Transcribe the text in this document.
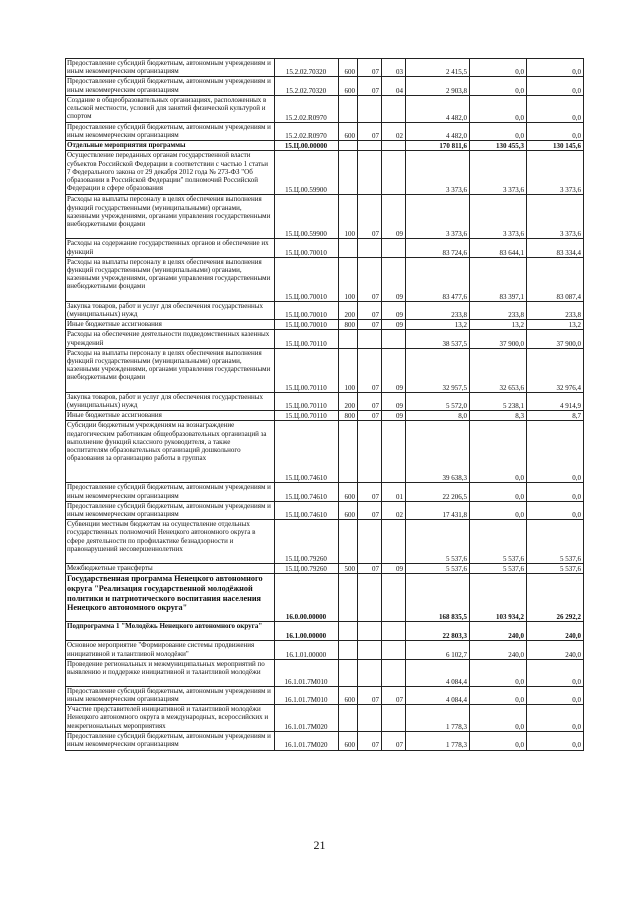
Предоставление субсидий бюджетным, автономным учреждениям и иным некоммерческим организациям	15.2.02.70320	600	07	03	2 415,5	0,0	0,0
Предоставление субсидий бюджетным, автономным учреждениям и иным некоммерческим организациям	15.2.02.70320	600	07	04	2 903,8	0,0	0,0
Создание в общеобразовательных организациях, расположенных в сельской местности, условий для занятий физической культурой и спортом	15.2.02.R0970				4 482,0	0,0	0,0
Предоставление субсидий бюджетным, автономным учреждениям и иным некоммерческим организациям	15.2.02.R0970	600	07	02	4 482,0	0,0	0,0
Отдельные мероприятия программы	15.Ц.00.00000				170 811,6	130 455,3	130 145,6
Осуществление переданных органам государственной власти субъектов Российской Федерации в соответствии с частью 1 статьи 7 Федерального закона от 29 декабря 2012 года № 273-ФЗ "Об образовании в Российской Федерации" полномочий Российской Федерации в сфере образования	15.Ц.00.59900				3 373,6	3 373,6	3 373,6
Расходы на выплаты персоналу в целях обеспечения выполнения функций государственными (муниципальными) органами, казенными учреждениями, органами управления государственными внебюджетными фондами	15.Ц.00.59900	100	07	09	3 373,6	3 373,6	3 373,6
Расходы на содержание государственных органов и обеспечение их функций	15.Ц.00.70010				83 724,6	83 644,1	83 334,4
Расходы на выплаты персоналу в целях обеспечения выполнения функций государственными (муниципальными) органами, казенными учреждениями, органами управления государственными внебюджетными фондами	15.Ц.00.70010	100	07	09	83 477,6	83 397,1	83 087,4
Закупка товаров, работ и услуг для обеспечения государственных (муниципальных) нужд	15.Ц.00.70010	200	07	09	233,8	233,8	233,8
Иные бюджетные ассигнования	15.Ц.00.70010	800	07	09	13,2	13,2	13,2
Расходы на обеспечение деятельности подведомственных казенных учреждений	15.Ц.00.70110				38 537,5	37 900,0	37 900,0
Расходы на выплаты персоналу в целях обеспечения выполнения функций государственными (муниципальными) органами, казенными учреждениями, органами управления государственными внебюджетными фондами	15.Ц.00.70110	100	07	09	32 957,5	32 653,6	32 976,4
Закупка товаров, работ и услуг для обеспечения государственных (муниципальных) нужд	15.Ц.00.70110	200	07	09	5 572,0	5 238,1	4 914,9
Иные бюджетные ассигнования	15.Ц.00.70110	800	07	09	8,0	8,3	8,7
Субсидии бюджетным учреждениям на вознаграждение педагогическим работникам общеобразовательных организаций за выполнение функций классного руководителя, а также воспитателям образовательных организаций дошкольного образования за организацию работы в группах	15.Ц.00.74610				39 638,3	0,0	0,0
Предоставление субсидий бюджетным, автономным учреждениям и иным некоммерческим организациям	15.Ц.00.74610	600	07	01	22 206,5	0,0	0,0
Предоставление субсидий бюджетным, автономным учреждениям и иным некоммерческим организациям	15.Ц.00.74610	600	07	02	17 431,8	0,0	0,0
Субвенции местным бюджетам на осуществление отдельных государственных полномочий Ненецкого автономного округа в сфере деятельности по профилактике безнадзорности и правонарушений несовершеннолетних	15.Ц.00.79260				5 537,6	5 537,6	5 537,6
Межбюджетные трансферты	15.Ц.00.79260	500	07	09	5 537,6	5 537,6	5 537,6
Государственная программа Ненецкого автономного округа "Реализация государственной молодёжной политики и патриотического воспитания населения Ненецкого автономного округа"	16.0.00.00000				168 835,5	103 934,2	26 292,2
Подпрограмма 1 "Молодёжь Ненецкого автономного округа"	16.1.00.00000				22 803,3	240,0	240,0
Основное мероприятие "Формирование системы продвижения инициативной и талантливой молодёжи"	16.1.01.00000				6 102,7	240,0	240,0
Проведение региональных и межмуниципальных мероприятий по выявлению и поддержке инициативной и талантливой молодёжи	16.1.01.7М010				4 084,4	0,0	0,0
Предоставление субсидий бюджетным, автономным учреждениям и иным некоммерческим организациям	16.1.01.7М010	600	07	07	4 084,4	0,0	0,0
Участие представителей инициативной и талантливой молодёжи Ненецкого автономного округа в международных, всероссийских и межрегиональных мероприятиях	16.1.01.7М020				1 778,3	0,0	0,0
Предоставление субсидий бюджетным, автономным учреждениям и иным некоммерческим организациям	16.1.01.7М020	600	07	07	1 778,3	0,0	0,0
21
